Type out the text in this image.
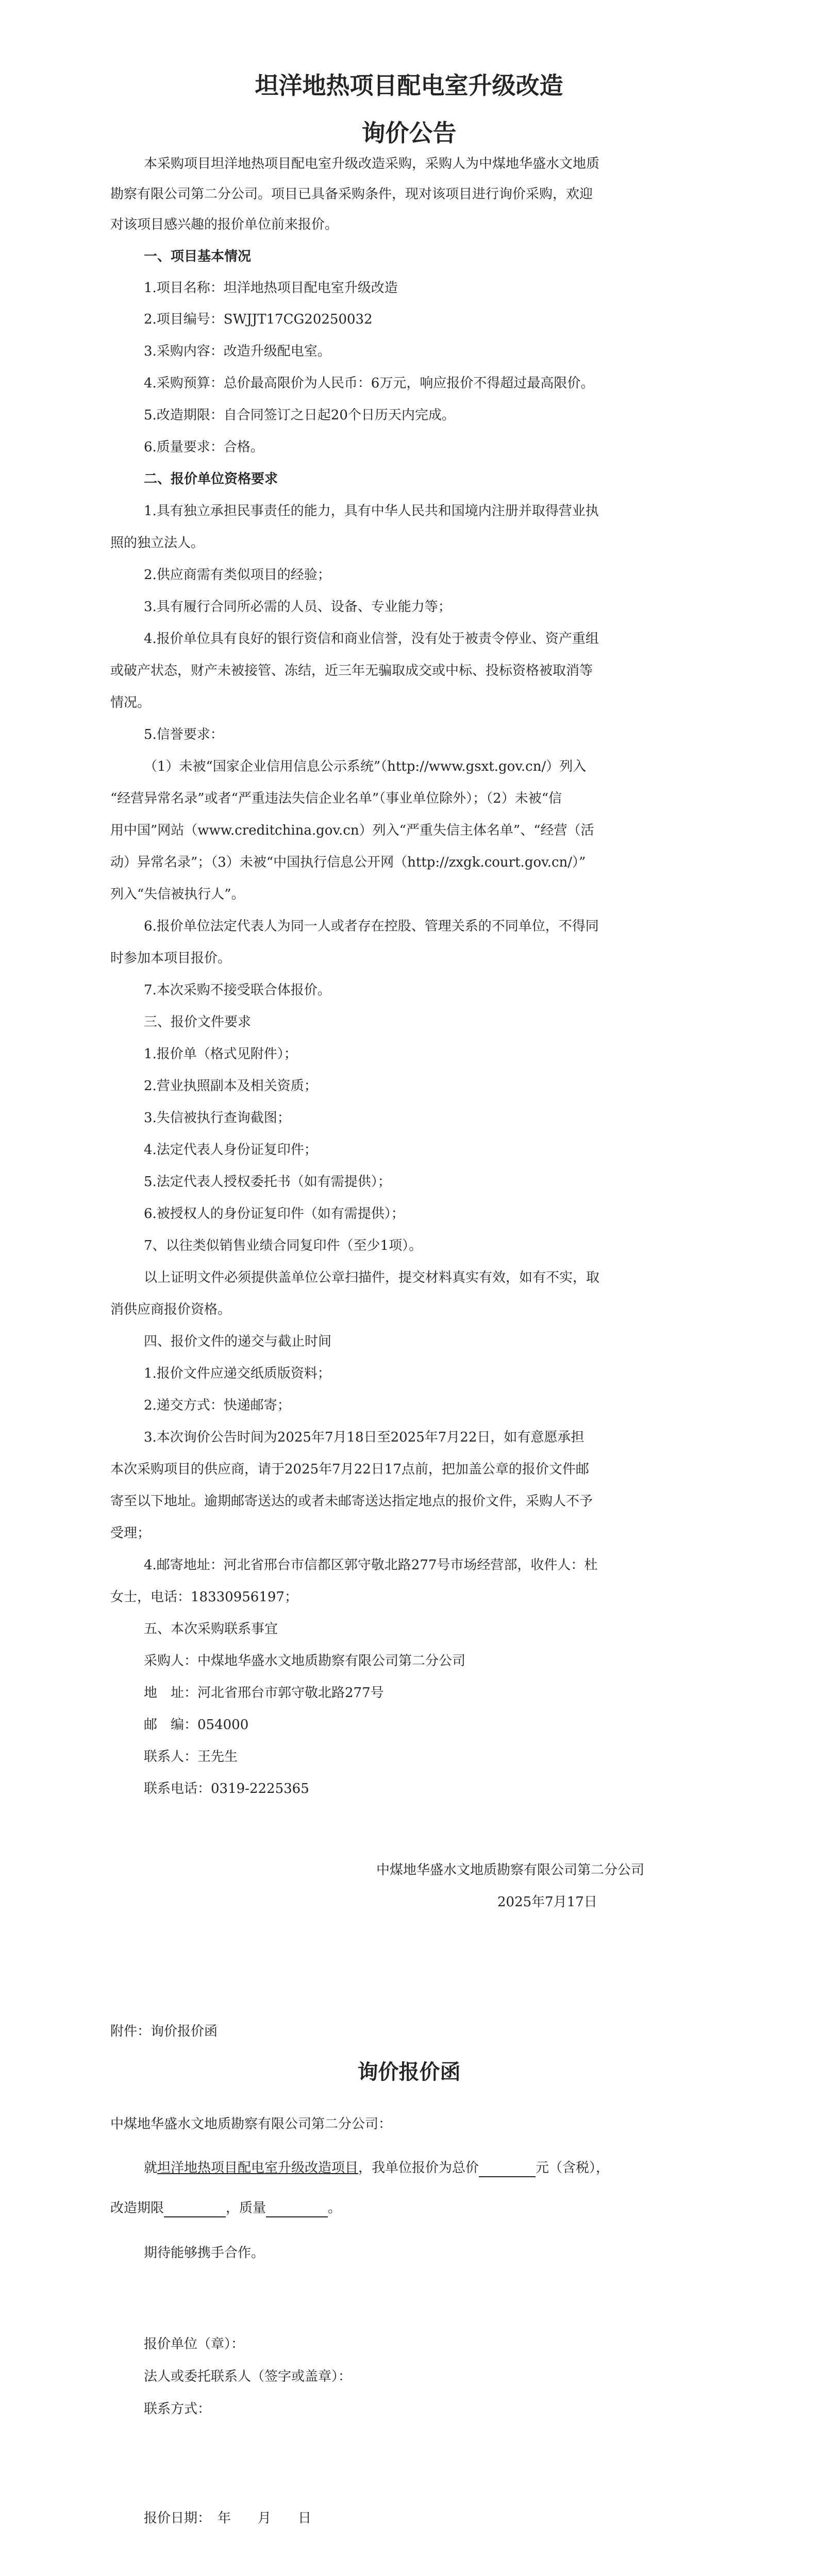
坦洋地热项目配电室升级改造
询价公告
本采购项目坦洋地热项目配电室升级改造采购，采购人为中煤地华盛水文地质
勘察有限公司第二分公司。项目已具备采购条件，现对该项目进行询价采购，欢迎
对该项目感兴趣的报价单位前来报价。
一、项目基本情况
1.项目名称：坦洋地热项目配电室升级改造
2.项目编号：SWJJT17CG20250032
3.采购内容：改造升级配电室。
4.采购预算：总价最高限价为人民币：6万元，响应报价不得超过最高限价。
5.改造期限：自合同签订之日起20个日历天内完成。
6.质量要求：合格。
二、报价单位资格要求
1.具有独立承担民事责任的能力，具有中华人民共和国境内注册并取得营业执
照的独立法人。
2.供应商需有类似项目的经验；
3.具有履行合同所必需的人员、设备、专业能力等；
4.报价单位具有良好的银行资信和商业信誉，没有处于被责令停业、资产重组
或破产状态，财产未被接管、冻结，近三年无骗取成交或中标、投标资格被取消等
情况。
5.信誉要求：
（1）未被“国家企业信用信息公示系统”（http://www.gsxt.gov.cn/）列入
“经营异常名录”或者“严重违法失信企业名单”（事业单位除外）；（2）未被“信
用中国”网站（www.creditchina.gov.cn）列入“严重失信主体名单”、“经营（活
动）异常名录”；（3）未被“中国执行信息公开网（http://zxgk.court.gov.cn/）”
列入“失信被执行人”。
6.报价单位法定代表人为同一人或者存在控股、管理关系的不同单位，不得同
时参加本项目报价。
7.本次采购不接受联合体报价。
三、报价文件要求
1.报价单（格式见附件）；
2.营业执照副本及相关资质；
3.失信被执行查询截图；
4.法定代表人身份证复印件；
5.法定代表人授权委托书（如有需提供）；
6.被授权人的身份证复印件（如有需提供）；
7、以往类似销售业绩合同复印件（至少1项）。
以上证明文件必须提供盖单位公章扫描件，提交材料真实有效，如有不实，取
消供应商报价资格。
四、报价文件的递交与截止时间
1.报价文件应递交纸质版资料；
2.递交方式：快递邮寄；
3.本次询价公告时间为2025年7月18日至2025年7月22日，如有意愿承担
本次采购项目的供应商，请于2025年7月22日17点前，把加盖公章的报价文件邮
寄至以下地址。逾期邮寄送达的或者未邮寄送达指定地点的报价文件，采购人不予
受理；
4.邮寄地址：河北省邢台市信都区郭守敬北路277号市场经营部，收件人：杜
女士，电话：18330956197；
五、本次采购联系事宜
采购人：中煤地华盛水文地质勘察有限公司第二分公司
地　址：河北省邢台市郭守敬北路277号
邮　编：054000
联系人：王先生
联系电话：0319-2225365
中煤地华盛水文地质勘察有限公司第二分公司
2025年7月17日
附件：询价报价函
询价报价函
中煤地华盛水文地质勘察有限公司第二分公司：
就坦洋地热项目配电室升级改造项目，我单位报价为总价	元（含税），
改造期限	，质量	。
期待能够携手合作。
报价单位（章）：
法人或委托联系人（签字或盖章）：
联系方式：
报价日期：　年　　月　　日
